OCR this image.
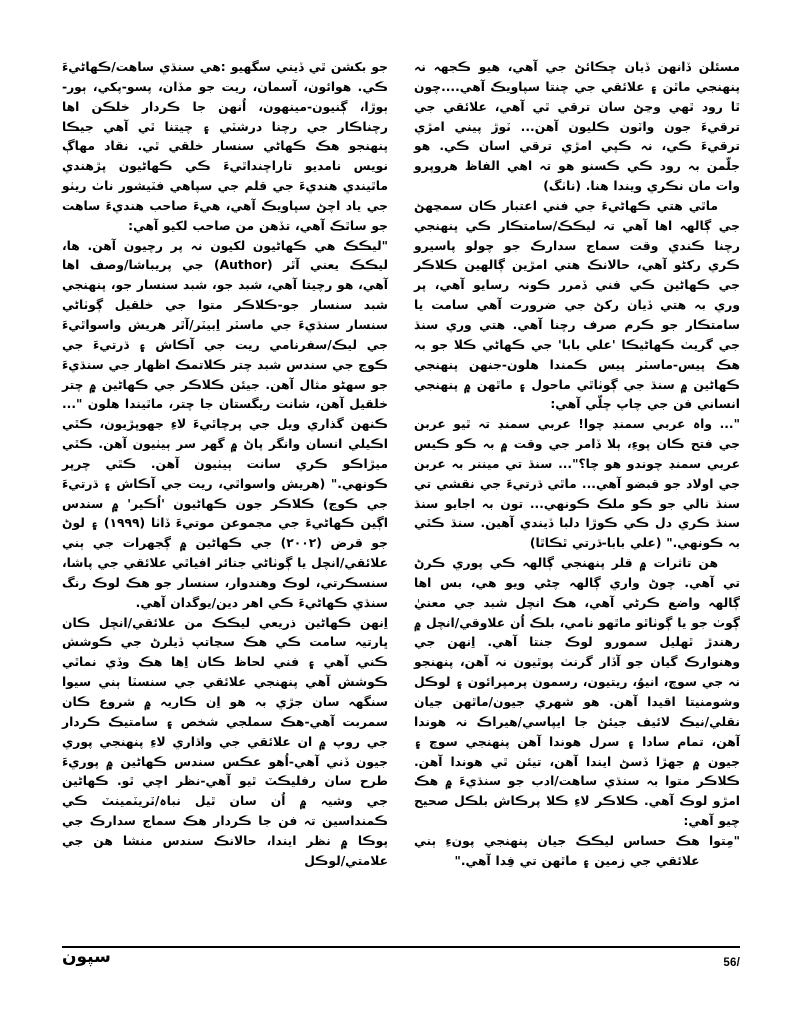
جو بکشن ٿي ڏيني سگهيو :هي سنڌي ساهت/ڪهاڻيءَ ڪي. هوائون، آسمان، ريت جو مڏان، پسو-پکي، ٻور-ٻوڙا، ڳنيون-مينهون، اُنهن جا ڪردار خلڪن اها رچناڪار جي رچنا درشٽي ۽ چيتنا ٿي آهي جيڪا پنهنجو هڪ ڪهاڻي سنسار خلقي ٿي. نقاد مهاڳ نويس نامديو تاراچنداٿيءَ ڪي ڪهاڻيون پڙهندي ماٿيندي هنديءَ جي قلم جي سپاهي فٽيشور ناٺ ريٺو جي ياد اچڻ سپاويڪ آهي، هيءَ صاحب هنديءَ ساهت جو ساٿڪ آهي، تڏهن من صاحب لکيو آهي:

"ليڪڪ هي ڪهاڻيون لکيون نہ پر رچيون آهن. ها، ليڪڪ يعني آٿر (Author) جي پريباشا/وصف اها آهي، هو رچيتا آهي، شبد جو، شبد سنسار جو، پنهنجي شبد سنسار جو-ڪلاڪر متوا جي خلقيل ڳوٺاڻي سنسار سنڌيءَ جي ماسٽر اِبيٽر/آٿر هريش واسواٿيءَ جي ليڪ/سفرنامي ريت جي آڪاش ۽ ڌرتيءَ جي ڪوڃ جي سندس شبد چتر ڪلاتمڪ اظهار جي سنڌيءَ جو سهڻو مثال آهن. جيئن ڪلاڪر جي ڪهاڻين ۾ چتر خلقيل آهن، شانت ريگستان جا چتر، ماٿيندا هلون "... ڪنهن گذاري ويل جي پرچاٿيءَ لاءِ جهوپڙيون، ڪٿي اڪيلي انسان وانگر پاڻ ۾ گهر سر ٻيٺيون آهن. ڪٿي ميڙاڪو ڪري سانت ٻيٺيون آهن. ڪٿي چرپر ڪونهي." (هريش واسواٿي، ريت جي آڪاش ۽ ڌرتيءَ جي ڪوڃ) ڪلاڪر جون ڪهاڻيون 'اُڪير' ۾ سندس اڳين ڪهاڻيءَ جي مجموعن موتيءَ ڏاٺا (١٩٩٩) ۽ لوڻ جو قرض (٢٠٠٢) جي ڪهاڻين ۾ ڳجهرات جي ٻني علائقي/انچل يا ڳوٺاڻي جنائر افياٿي علائقي جي پاشا، سنسڪرتي، لوڪ وهندوار، سنسار جو هڪ لوڪ رنگ سنڌي ڪهاڻيءَ ڪي اهر دين/يوگدان آهي.

اِنهن ڪهاڻين ذريعي ليڪڪ من علائقي/انچل ڪان ڀارتيہ سامت ڪي هڪ سڃاتپ ڏيلرڻ جي ڪوشش ڪني آهي ۽ فني لحاظ ڪان اِها هڪ وڏي نماٿي ڪوشش آهي پنهنجي علائقي جي سنسٽا ٻني سيوا سنگهہ سان جڙي بہ هو اِن ڪاريہ ۾ شروع ڪان سمربت آهي-هڪ سملجي شخص ۽ سامتيڪ ڪردار جي روپ ۾ ان علائقي جي واڌاري لاءِ پنهنجي پوري جيون ڏني آهي-اُهو عڪس سندس ڪهاڻين ۾ پوريءَ طرح سان رفليڪٽ ٿيو آهي-نظر اچي ٿو. ڪهاڻين جي وشيہ ۾ اُن سان ٿيل نباہ/ٽريٽمينٽ ڪي ڪمنداسين تہ فن جا ڪردار هڪ سماج سدارڪ جي پوڪا ۾ نظر ايندا، حالانڪ سندس منشا هن جي علامتي/لوڪل

مسئلن ڏانهن ڏيان چڪائڻ جي آهي، هيو ڪجهہ نہ پنهنجي ماٿن ۽ علائقي جي چنتا سپاويڪ آهي....چون ٿا رود ٿهي وڃڻ سان ترقي ٿي آهي، علائقي جي ترقيءَ جون واٽون ڪليون آهن... ٽوڙ پيني امڙي ترقيءَ ڪي، نہ ڪپي امڙي ترقي اسان ڪي. هو جلّمن بہ رود ڪي ڪسنو هو تہ اهي الفاظ هروپرو وات مان نڪري ويندا هنا. (ناٺگ)

ماٿي هتي ڪهاڻيءَ جي فني اعتبار ڪان سمڃهڻ جي ڳالهہ اها آهي تہ ليڪڪ/سامتڪار ڪي پنهنجي رچنا ڪندي وقت سماج سدارڪ جو چولو پاسيرو ڪري رکڻو آهي، حالانڪ هتي امڙين ڳالهين ڪلاڪر جي ڪهاڻين ڪي فني ڏمرر ڪونہ رسايو آهي، پر وري بہ هتي ڏيان رکڻ جي ضرورت آهي سامت يا سامتڪار جو ڪرم صرف رچنا آهي. هتي وري سنڌ جي گريٺ ڪهاڻيڪا 'علي بابا' جي ڪهاڻي ڪلا جو بہ هڪ پيس-ماسٽر پيس ڪمندا هلون-جنهن پنهنجي ڪهاڻين ۾ سنڌ جي ڳوٺاٿي ماحول ۽ ماٿهن ۾ پنهنجي انساني فن جي چاپ چلّي آهي:

"... واہ عربي سمنڊ چوا! عربي سمنڊ تہ ٿيو عربن جي فتح ڪان پوءِ، ٻلا ڏامر جي وقت ۾ بہ ڪو ڪيس عربي سمنڊ چوندو هو چا؟"... سنڌ تي ميننر بہ عربن جي اولاد جو قبضو آهي... ماٿي ڌرتيءَ جي نقشي تي سنڌ نالي جو ڪو ملڪ ڪونهي... تون بہ اجايو سنڌ سنڌ ڪري دل ڪي ڪوڙا دلبا ڏيندي آهين. سنڌ ڪٿي بہ ڪونهي." (علي بابا-ڌرتي ٿڪاٿا)

هن تاثرات ۾ قلر پنهنجي ڳالهہ ڪي پوري ڪرڻ تي آهي. چوڻ واري ڳالهہ چڻي ويو هي، بس اها ڳالهہ واضع ڪرڻي آهي، هڪ انچل شبد جي معنيٰ ڳوٺ جو يا ڳوٺاٿو ماٿهو نامي، بلڪ اُن علاوقي/انچل ۾ رهندڙ ٿهليل سمورو لوڪ جنتا آهي. اِنهن جي وهنوارڪ گيان جو آڏار گرنٺ پوٿيون نہ آهن، پنهنجو نہ جي سوچ، انيوُ، ريتيون، رسمون پرمپرائون ۽ لوڪل وشومنيتا اقيدا آهن. هو شهري جيون/ماٿهن جيان نقلي/نيڪ لائيف جيئڻ جا ايپاسي/هيراڪ نہ هوندا آهن، تمام سادا ۽ سرل هوندا آهن پنهنجي سوچ ۽ جيون ۾ جهڙا ڏسڻ ايندا آهن، تيئن ٿي هوندا آهن. ڪلاڪر متوا بہ سنڌي ساهت/ادب جو سنڌيءَ ۾ هڪ امڙو لوڪ آهي. ڪلاڪر لاءِ ڪلا پرڪاش بلڪل صحيح چيو آهي:

"مِتوا هڪ حساس ليڪڪ جيان پنهنجي پونءِ ٻني علائقي جي زمين ۽ ماٿهن تي فِدا آهي."

56/
سپون
